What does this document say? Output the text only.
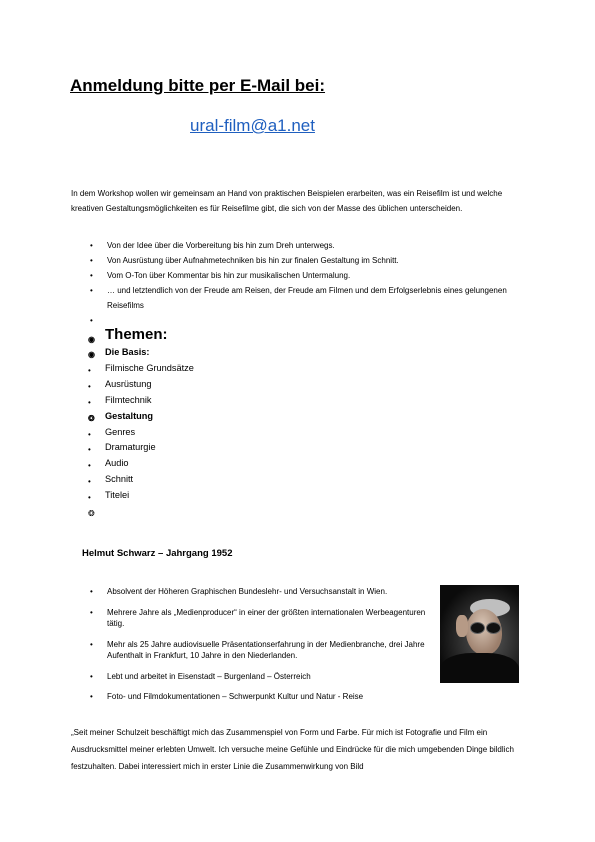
Anmeldung bitte per E-Mail bei:
ural-film@a1.net
In dem Workshop wollen wir gemeinsam an Hand von praktischen Beispielen erarbeiten, was ein Reisefilm ist und welche kreativen Gestaltungsmöglichkeiten es für Reisefilme gibt, die sich von der Masse des üblichen unterscheiden.
• Von der Idee über die Vorbereitung bis hin zum Dreh unterwegs.
• Von Ausrüstung über Aufnahmetechniken bis hin zur finalen Gestaltung im Schnitt.
• Vom O-Ton über Kommentar bis hin zur musikalischen Untermalung.
• … und letztendlich von der Freude am Reisen, der Freude am Filmen und dem Erfolgserlebnis eines gelungenen Reisefilms
•

◉ Themen:
◉ Die Basis:
• Filmische Grundsätze
• Ausrüstung
• Filmtechnik
❂ Gestaltung
• Genres
• Dramaturgie
• Audio
• Schnitt
• Titelei
❂

Helmut Schwarz – Jahrgang 1952
• Absolvent der Höheren Graphischen Bundeslehr- und Versuchsanstalt in Wien.
• Mehrere Jahre als „Medienproducer“ in einer der größten internationalen Werbeagenturen tätig.
• Mehr als 25 Jahre audiovisuelle Präsentationserfahrung in der Medienbranche, drei Jahre Aufenthalt in Frankfurt, 10 Jahre in den Niederlanden.
• Lebt und arbeitet in Eisenstadt – Burgenland – Österreich
• Foto- und Filmdokumentationen – Schwerpunkt Kultur und Natur - Reise
„Seit meiner Schulzeit beschäftigt mich das Zusammenspiel von Form und Farbe. Für mich ist Fotografie und Film ein Ausdrucksmittel meiner erlebten Umwelt. Ich versuche meine Gefühle und Eindrücke für die mich umgebenden Dinge bildlich festzuhalten. Dabei interessiert mich in erster Linie die Zusammenwirkung von Bild
